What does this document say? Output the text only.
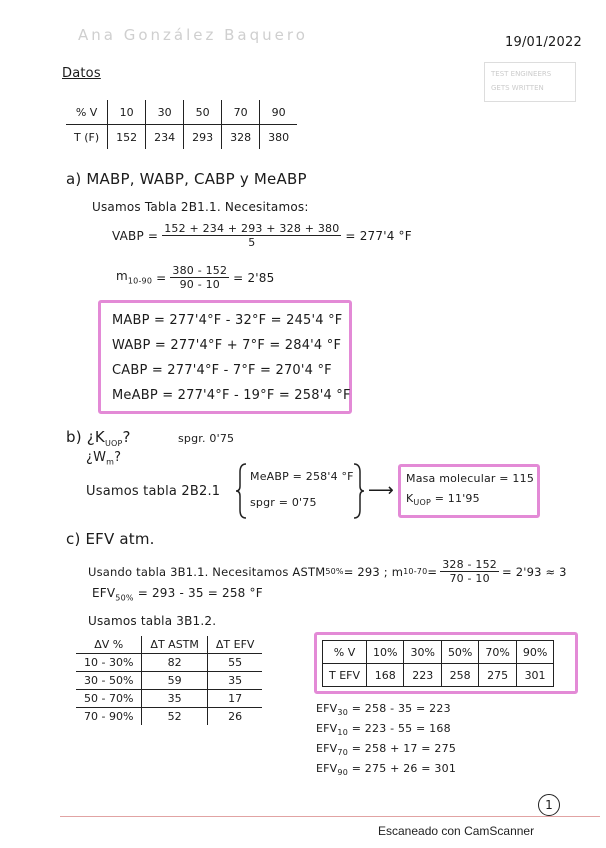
Ana González Baquero	19/01/2022
TEST ENGINEERS
GETS WRITTEN
Datos
% V	10	30	50	70	90
T (F)	152	234	293	328	380
a) MABP, WABP, CABP y MeABP
Usamos Tabla 2B1.1. Necesitamos:
VABP = $\frac{152 + 234 + 293 + 328 + 380}{5} = 277'4$ °F
$m_{10-90} = \frac{380 - 152}{90 - 10} = 2'85$
MABP = 277'4°F - 32°F = 245'4 °F
WABP = 277'4°F + 7°F = 284'4 °F
CABP = 277'4°F - 7°F = 270'4 °F
MeABP = 277'4°F - 19°F = 258'4 °F
b) ¿$K_{UOP}$?	spgr. 0'75
¿$W_m$?
Usamos tabla 2B2.1
MeABP = 258'4 °F
spgr = 0'75
⟶
Masa molecular = 115
$K_{UOP} = 11'95$
c) EFV atm.
Usando tabla 3B1.1. Necesitamos ASTM 50% = 293 ; m $10-70 = \frac{328 - 152}{70 - 10} = 2'93 \approx 3$
$EFV_{50\%} = 293 - 35 = 258$ °F
Usamos tabla 3B1.2.
ΔV %	ΔT ASTM	ΔT EFV
10 - 30%	82	55
30 - 50%	59	35
50 - 70%	35	17
70 - 90%	52	26
% V	10%	30%	50%	70%	90%
T EFV	168	223	258	275	301
$EFV_{30} = 258 - 35 = 223$
$EFV_{10} = 223 - 55 = 168$
$EFV_{70} = 258 + 17 = 275$
$EFV_{90} = 275 + 26 = 301$
1
Escaneado con CamScanner
